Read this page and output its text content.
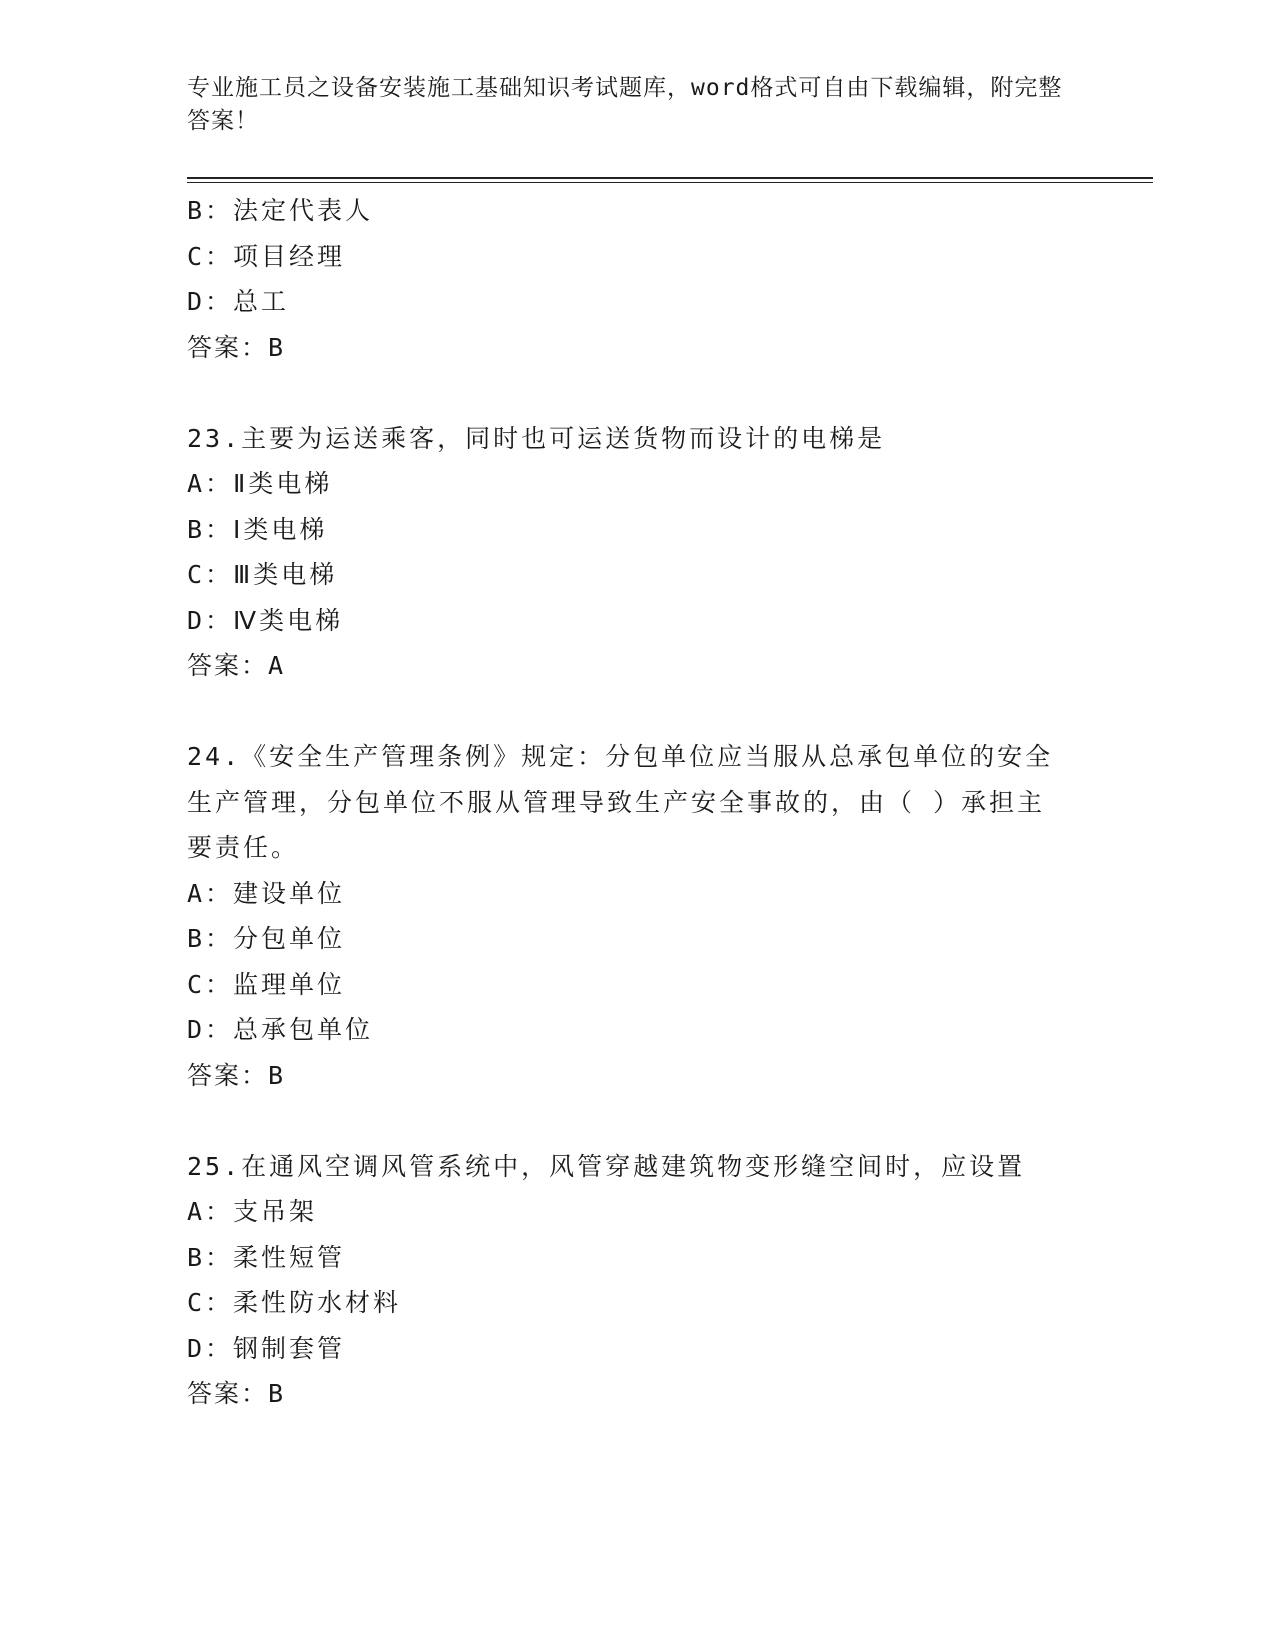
专业施工员之设备安装施工基础知识考试题库，word格式可自由下载编辑，附完整答案！
B：法定代表人
C：项目经理
D：总工
答案：B
23.主要为运送乘客，同时也可运送货物而设计的电梯是
A：Ⅱ类电梯
B：Ⅰ类电梯
C：Ⅲ类电梯
D：Ⅳ类电梯
答案：A
24.《安全生产管理条例》规定：分包单位应当服从总承包单位的安全
生产管理，分包单位不服从管理导致生产安全事故的，由（ ）承担主
要责任。
A：建设单位
B：分包单位
C：监理单位
D：总承包单位
答案：B
25.在通风空调风管系统中，风管穿越建筑物变形缝空间时，应设置
A：支吊架
B：柔性短管
C：柔性防水材料
D：钢制套管
答案：B
